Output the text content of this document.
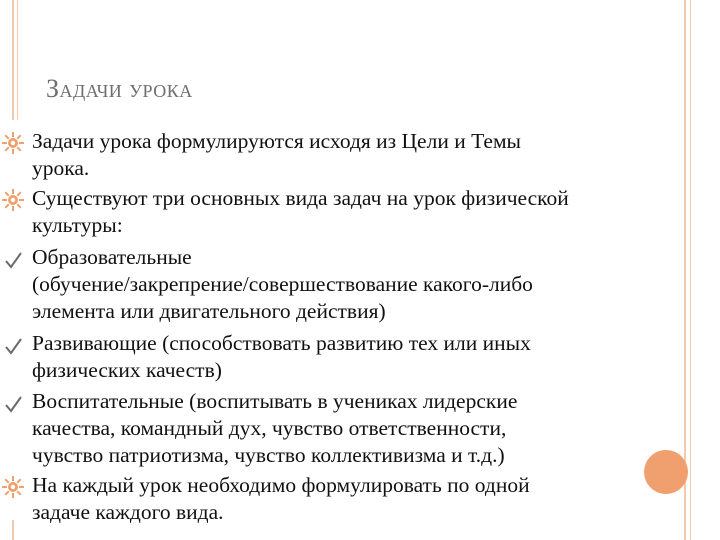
Задачи урока
Задачи урока формулируются исходя из Цели и Темы
урока.
Существуют три основных вида задач на урок физической
культуры:
Образовательные
(обучение/закрепрение/совершествование какого-либо
элемента или двигательного действия)
Развивающие (способствовать развитию тех или иных
физических качеств)
Воспитательные (воспитывать в учениках лидерские
качества, командный дух, чувство ответственности,
чувство патриотизма, чувство коллективизма и т.д.)
На каждый урок необходимо формулировать по одной
задаче каждого вида.
